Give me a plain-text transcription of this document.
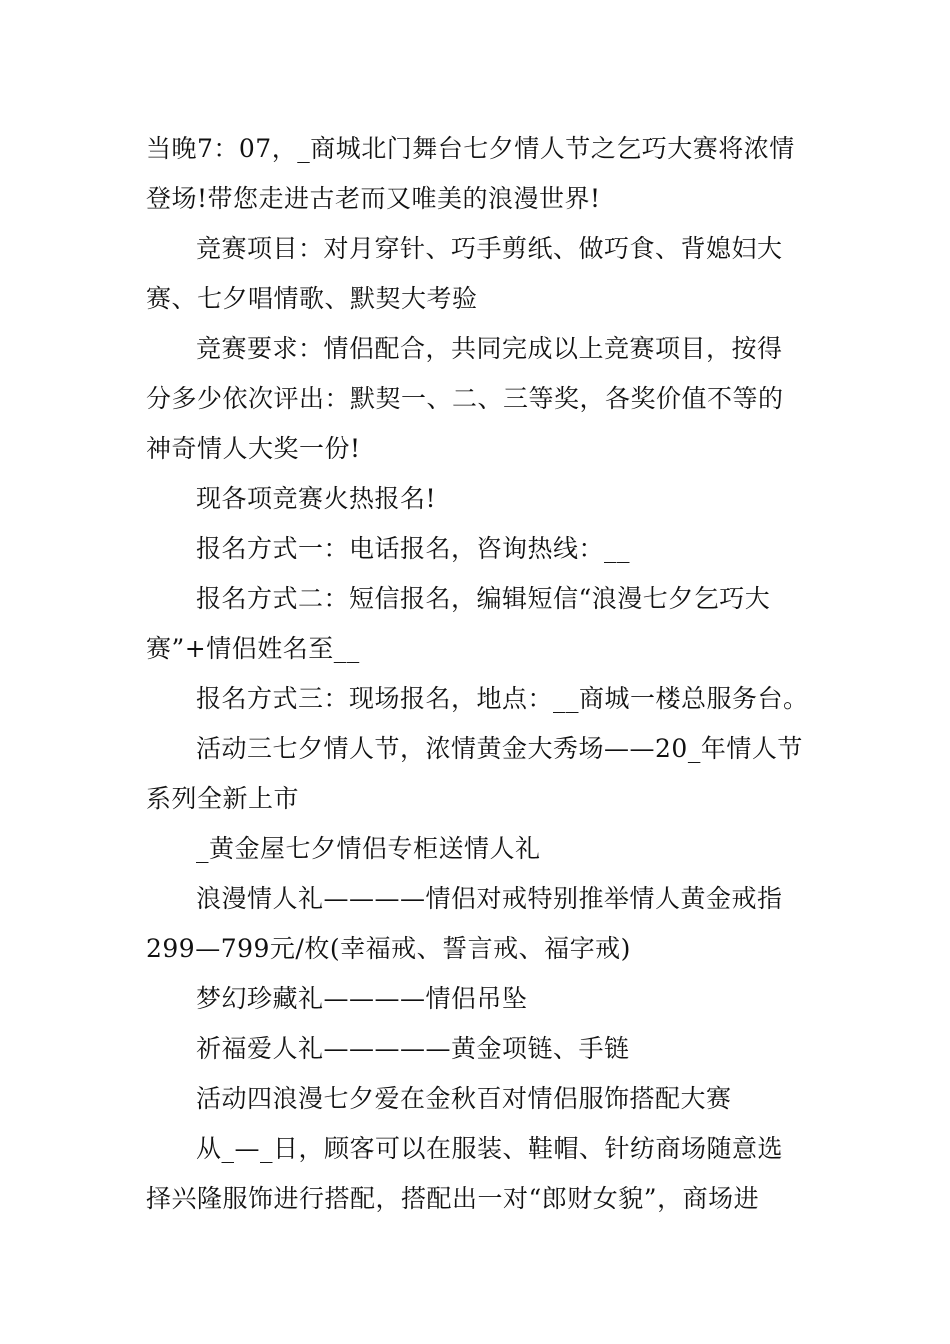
当晚7：07，_商城北门舞台七夕情人节之乞巧大赛将浓情
登场!带您走进古老而又唯美的浪漫世界!
竞赛项目：对月穿针、巧手剪纸、做巧食、背媳妇大
赛、七夕唱情歌、默契大考验
竞赛要求：情侣配合，共同完成以上竞赛项目，按得
分多少依次评出：默契一、二、三等奖，各奖价值不等的
神奇情人大奖一份!
现各项竞赛火热报名!
报名方式一：电话报名，咨询热线：__
报名方式二：短信报名，编辑短信“浪漫七夕乞巧大
赛”+情侣姓名至__
报名方式三：现场报名，地点：__商城一楼总服务台。
活动三七夕情人节，浓情黄金大秀场——20_年情人节
系列全新上市
_黄金屋七夕情侣专柜送情人礼
浪漫情人礼————情侣对戒特别推举情人黄金戒指
299—799元/枚(幸福戒、誓言戒、福字戒)
梦幻珍藏礼————情侣吊坠
祈福爱人礼—————黄金项链、手链
活动四浪漫七夕爱在金秋百对情侣服饰搭配大赛
从_—_日，顾客可以在服装、鞋帽、针纺商场随意选
择兴隆服饰进行搭配，搭配出一对“郎财女貌”，商场进
